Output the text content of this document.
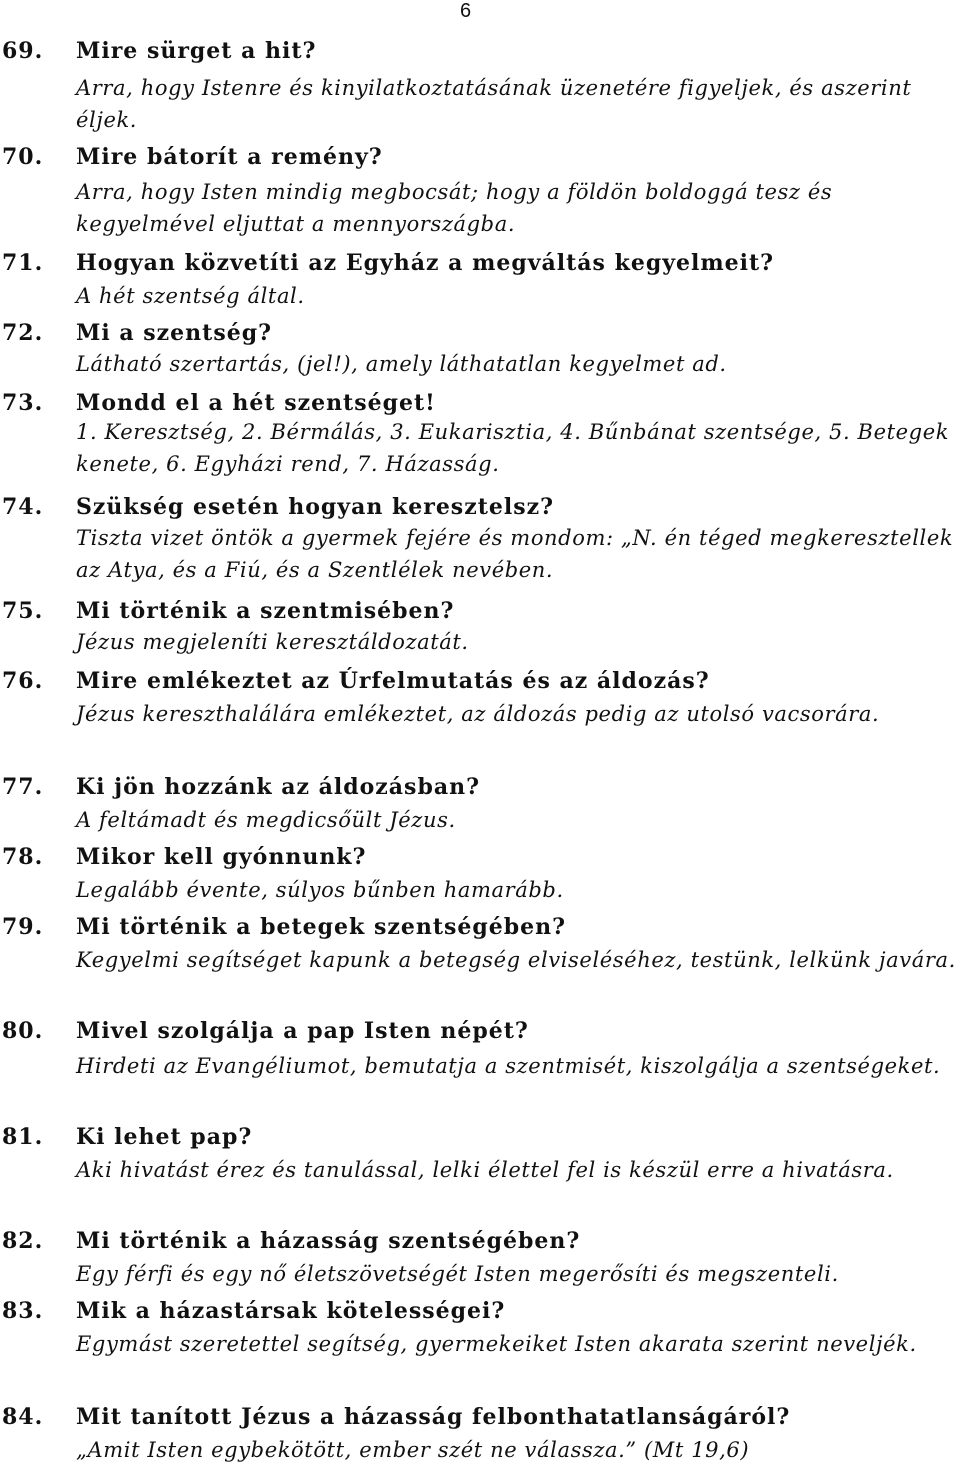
6
69. Mire sürget a hit?
Arra, hogy Istenre és kinyilatkoztatásának üzenetére figyeljek, és aszerint éljek.
70. Mire bátorít a remény?
Arra, hogy Isten mindig megbocsát; hogy a földön boldoggá tesz és kegyelmével eljuttat a mennyországba.
71. Hogyan közvetíti az Egyház a megváltás kegyelmeit?
A hét szentség által.
72. Mi a szentség?
Látható szertartás, (jel!), amely láthatatlan kegyelmet ad.
73. Mondd el a hét szentséget!
1. Keresztség, 2. Bérmálás, 3. Eukarisztia, 4. Bűnbánat szentsége, 5. Betegek kenete, 6. Egyházi rend, 7. Házasság.
74. Szükség esetén hogyan keresztelsz?
Tiszta vizet öntök a gyermek fejére és mondom: „N. én téged megkeresztellek az Atya, és a Fiú, és a Szentlélek nevében.
75. Mi történik a szentmisében?
Jézus megjeleníti keresztáldozatát.
76. Mire emlékeztet az Úrfelmutatás és az áldozás?
Jézus kereszthalálára emlékeztet, az áldozás pedig az utolsó vacsorára.
77. Ki jön hozzánk az áldozásban?
A feltámadt és megdicsőült Jézus.
78. Mikor kell gyónnunk?
Legalább évente, súlyos bűnben hamarább.
79. Mi történik a betegek szentségében?
Kegyelmi segítséget kapunk a betegség elviseléséhez, testünk, lelkünk javára.
80. Mivel szolgálja a pap Isten népét?
Hirdeti az Evangéliumot, bemutatja a szentmisét, kiszolgálja a szentségeket.
81. Ki lehet pap?
Aki hivatást érez és tanulással, lelki élettel fel is készül erre a hivatásra.
82. Mi történik a házasság szentségében?
Egy férfi és egy nő életszövetségét Isten megerősíti és megszenteli.
83. Mik a házastársak kötelességei?
Egymást szeretettel segítség, gyermekeiket Isten akarata szerint neveljék.
84. Mit tanított Jézus a házasság felbonthatatlanságáról?
„Amit Isten egybekötött, ember szét ne válassza.” (Mt 19,6)
